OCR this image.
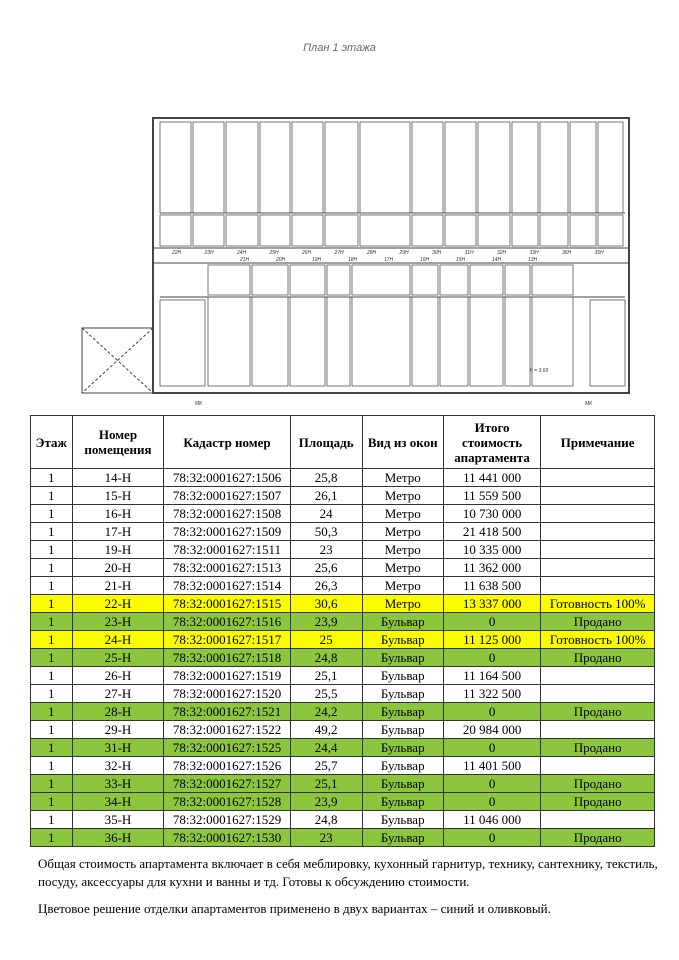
План 1 этажа
22Н	23Н	24Н	25Н	26Н	27Н	28Н	29Н	30Н	31Н	32Н	33Н	36Н	35Н
21Н	20Н	19Н	18Н	17Н	16Н	15Н	14Н	13Н
h = 3.69
МК	МК
Этаж	Номер помещения	Кадастр номер	Площадь	Вид из окон	Итого стоимость апартамента	Примечание
1	14-Н	78:32:0001627:1506	25,8	Метро	11 441 000	
1	15-Н	78:32:0001627:1507	26,1	Метро	11 559 500	
1	16-Н	78:32:0001627:1508	24	Метро	10 730 000	
1	17-Н	78:32:0001627:1509	50,3	Метро	21 418 500	
1	19-Н	78:32:0001627:1511	23	Метро	10 335 000	
1	20-Н	78:32:0001627:1513	25,6	Метро	11 362 000	
1	21-Н	78:32:0001627:1514	26,3	Метро	11 638 500	
1	22-Н	78:32:0001627:1515	30,6	Метро	13 337 000	Готовность 100%
1	23-Н	78:32:0001627:1516	23,9	Бульвар	0	Продано
1	24-Н	78:32:0001627:1517	25	Бульвар	11 125 000	Готовность 100%
1	25-Н	78:32:0001627:1518	24,8	Бульвар	0	Продано
1	26-Н	78:32:0001627:1519	25,1	Бульвар	11 164 500	
1	27-Н	78:32:0001627:1520	25,5	Бульвар	11 322 500	
1	28-Н	78:32:0001627:1521	24,2	Бульвар	0	Продано
1	29-Н	78:32:0001627:1522	49,2	Бульвар	20 984 000	
1	31-Н	78:32:0001627:1525	24,4	Бульвар	0	Продано
1	32-Н	78:32:0001627:1526	25,7	Бульвар	11 401 500	
1	33-Н	78:32:0001627:1527	25,1	Бульвар	0	Продано
1	34-Н	78:32:0001627:1528	23,9	Бульвар	0	Продано
1	35-Н	78:32:0001627:1529	24,8	Бульвар	11 046 000	
1	36-Н	78:32:0001627:1530	23	Бульвар	0	Продано
Общая стоимость апартамента включает в себя меблировку, кухонный гарнитур, технику, сантехнику, текстиль, посуду, аксессуары для кухни и ванны и тд. Готовы к обсуждению стоимости.
Цветовое решение отделки апартаментов применено в двух вариантах – синий и оливковый.
